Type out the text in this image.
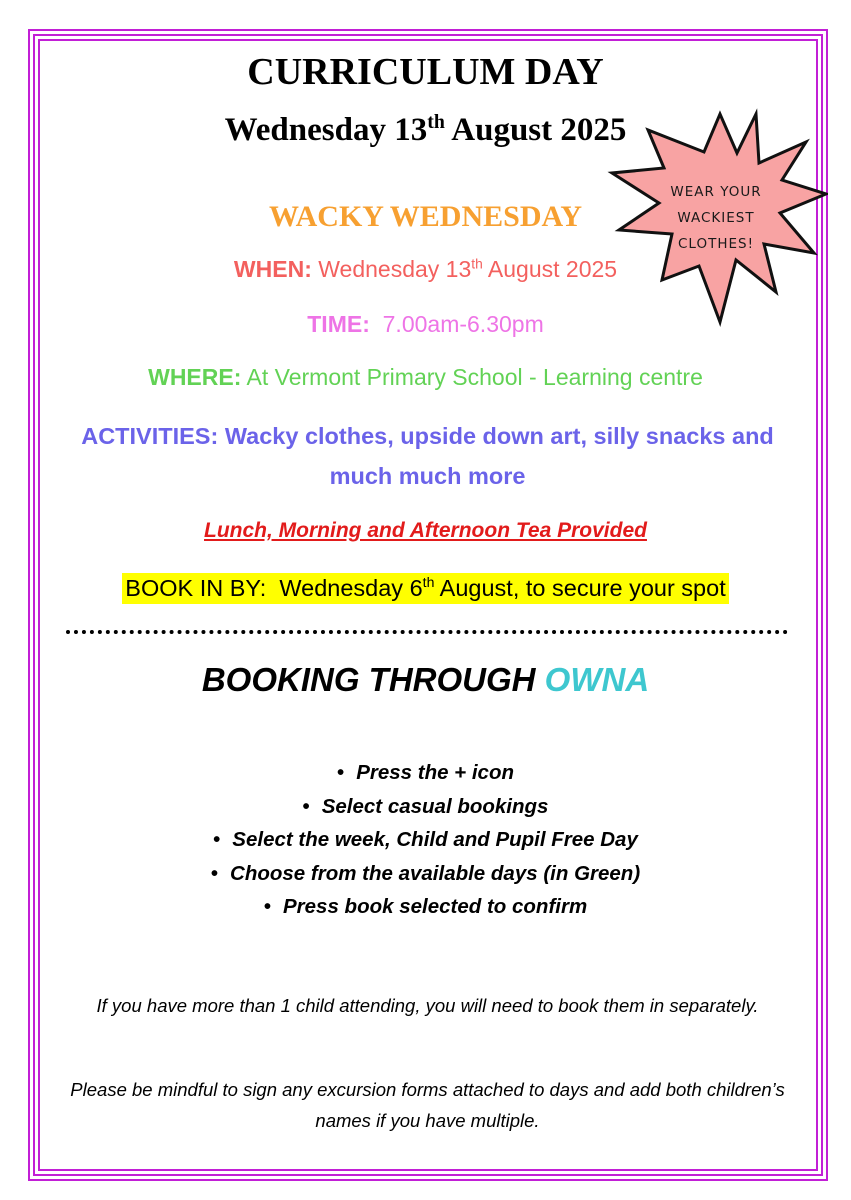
CURRICULUM DAY
Wednesday 13th August 2025
WACKY WEDNESDAY
WHEN: Wednesday 13th August 2025
TIME:  7.00am-6.30pm
WHERE: At Vermont Primary School - Learning centre
ACTIVITIES: Wacky clothes, upside down art, silly snacks and much much more
Lunch, Morning and Afternoon Tea Provided
BOOK IN BY:  Wednesday 6th August, to secure your spot
BOOKING THROUGH OWNA
• Press the + icon
• Select casual bookings
• Select the week, Child and Pupil Free Day
• Choose from the available days (in Green)
• Press book selected to confirm

If you have more than 1 child attending, you will need to book them in separately.

Please be mindful to sign any excursion forms attached to days and add both children’s names if you have multiple.

WEAR YOUR
WACKIEST
CLOTHES!
